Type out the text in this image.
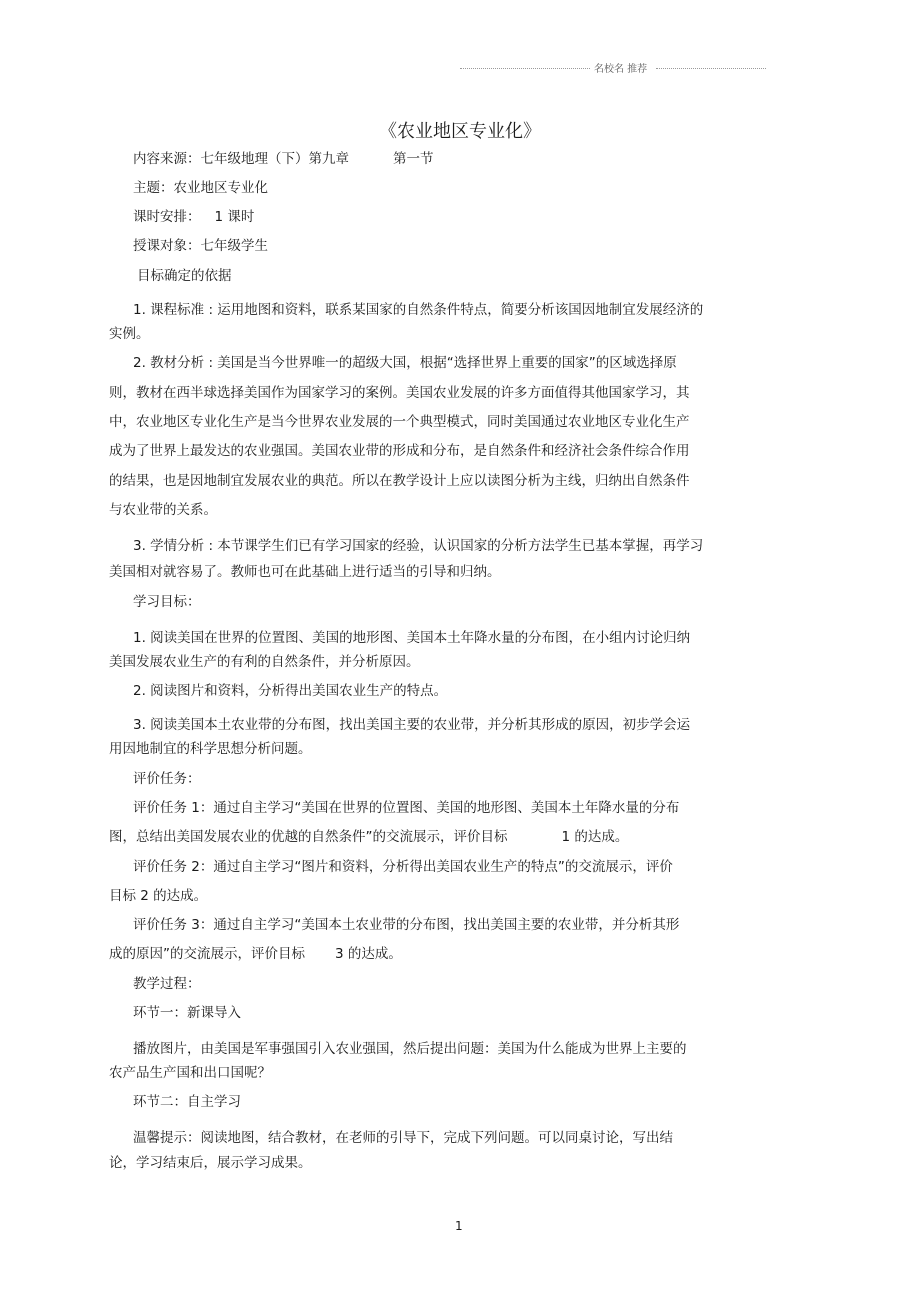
名校名 推荐
《农业地区专业化》
内容来源：七年级地理（下）第九章	第一节
主题：农业地区专业化
课时安排： 1 课时
授课对象：七年级学生
目标确定的依据
1. 课程标准 : 运用地图和资料，联系某国家的自然条件特点，简要分析该国因地制宜发展经济的
实例。
2. 教材分析 : 美国是当今世界唯一的超级大国，根据“选择世界上重要的国家”的区域选择原
则，教材在西半球选择美国作为国家学习的案例。美国农业发展的许多方面值得其他国家学习，其
中，农业地区专业化生产是当今世界农业发展的一个典型模式，同时美国通过农业地区专业化生产
成为了世界上最发达的农业强国。美国农业带的形成和分布，是自然条件和经济社会条件综合作用
的结果，也是因地制宜发展农业的典范。所以在教学设计上应以读图分析为主线，归纳出自然条件
与农业带的关系。
3. 学情分析 : 本节课学生们已有学习国家的经验，认识国家的分析方法学生已基本掌握，再学习
美国相对就容易了。教师也可在此基础上进行适当的引导和归纳。
学习目标：
1. 阅读美国在世界的位置图、美国的地形图、美国本土年降水量的分布图，在小组内讨论归纳
美国发展农业生产的有利的自然条件，并分析原因。
2. 阅读图片和资料，分析得出美国农业生产的特点。
3. 阅读美国本土农业带的分布图，找出美国主要的农业带，并分析其形成的原因，初步学会运
用因地制宜的科学思想分析问题。
评价任务：
评价任务 1：通过自主学习“美国在世界的位置图、美国的地形图、美国本土年降水量的分布
图，总结出美国发展农业的优越的自然条件”的交流展示，评价目标	1 的达成。
评价任务 2：通过自主学习“图片和资料，分析得出美国农业生产的特点”的交流展示，评价
目标 2 的达成。
评价任务 3：通过自主学习“美国本土农业带的分布图，找出美国主要的农业带，并分析其形
成的原因”的交流展示，评价目标 3 的达成。
教学过程：
环节一：新课导入
播放图片，由美国是军事强国引入农业强国，然后提出问题：美国为什么能成为世界上主要的
农产品生产国和出口国呢？
环节二：自主学习
温馨提示：阅读地图，结合教材，在老师的引导下，完成下列问题。可以同桌讨论，写出结
论，学习结束后，展示学习成果。
1
